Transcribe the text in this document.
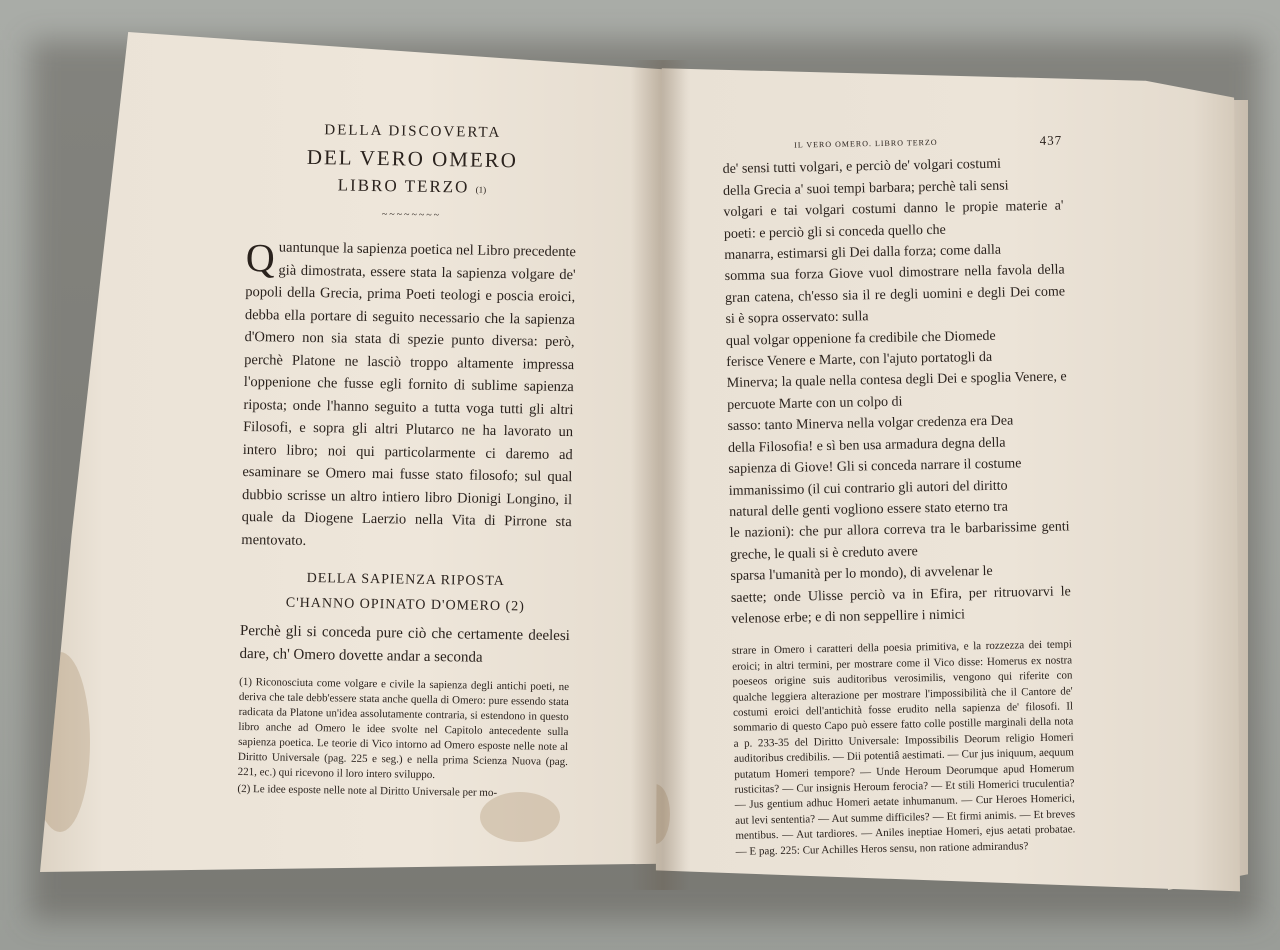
DELLA DISCOVERTA
DEL VERO OMERO
LIBRO TERZO (1)
~~~~~~~~
Q uantunque la sapienza poetica nel Libro precedente già dimostrata, essere stata la sapienza volgare de' popoli della Grecia, prima Poeti teologi e poscia eroici, debba ella portare di seguito necessario che la sapienza d'Omero non sia stata di spezie punto diversa: però, perchè Platone ne lasciò troppo altamente impressa l'oppenione che fusse egli fornito di sublime sapienza riposta; onde l'hanno seguito a tutta voga tutti gli altri Filosofi, e sopra gli altri Plutarco ne ha lavorato un intero libro; noi qui particolarmente ci daremo ad esaminare se Omero mai fusse stato filosofo; sul qual dubbio scrisse un altro intiero libro Dionigi Longino, il quale da Diogene Laerzio nella Vita di Pirrone sta mentovato.
DELLA SAPIENZA RIPOSTA
C'HANNO OPINATO D'OMERO (2)
Perchè gli si conceda pure ciò che certamente deelesi dare, ch' Omero dovette andar a seconda
(1) Riconosciuta come volgare e civile la sapienza degli antichi poeti, ne deriva che tale debb'essere stata anche quella di Omero: pure essendo stata radicata da Platone un'idea assolutamente contraria, si estendono in questo libro anche ad Omero le idee svolte nel Capitolo antecedente sulla sapienza poetica. Le teorie di Vico intorno ad Omero esposte nelle note al Diritto Universale (pag. 225 e seg.) e nella prima Scienza Nuova (pag. 221, ec.) qui ricevono il loro intero sviluppo.
(2) Le idee esposte nelle note al Diritto Universale per mo-
IL VERO OMERO. LIBRO TERZO	437
de' sensi tutti volgari, e perciò de' volgari costumi
della Grecia a' suoi tempi barbara; perchè tali sensi
volgari e tai volgari costumi danno le propie materie a' poeti: e perciò gli si conceda quello che
manarra, estimarsi gli Dei dalla forza; come dalla
somma sua forza Giove vuol dimostrare nella favola della gran catena, ch'esso sia il re degli uomini e degli Dei come si è sopra osservato: sulla
qual volgar oppenione fa credibile che Diomede
ferisce Venere e Marte, con l'ajuto portatogli da
Minerva; la quale nella contesa degli Dei e spoglia Venere, e percuote Marte con un colpo di
sasso: tanto Minerva nella volgar credenza era Dea
della Filosofia! e sì ben usa armadura degna della
sapienza di Giove! Gli si conceda narrare il costume
immanissimo (il cui contrario gli autori del diritto
natural delle genti vogliono essere stato eterno tra
le nazioni): che pur allora correva tra le barbarissime genti greche, le quali si è creduto avere
sparsa l'umanità per lo mondo), di avvelenar le
saette; onde Ulisse perciò va in Efira, per ritruovarvi le velenose erbe; e di non seppellire i nimici
strare in Omero i caratteri della poesia primitiva, e la rozzezza dei tempi eroici; in altri termini, per mostrare come il Vico disse: Homerus ex nostra poeseos origine suis auditoribus verosimilis, vengono qui riferite con qualche leggiera alterazione per mostrare l'impossibilità che il Cantore de' costumi eroici dell'antichità fosse erudito nella sapienza de' filosofi. Il sommario di questo Capo può essere fatto colle postille marginali della nota a p. 233-35 del Diritto Universale: Impossibilis Deorum religio Homeri auditoribus credibilis. — Dii potentiâ aestimati. — Cur jus iniquum, aequum putatum Homeri tempore? — Unde Heroum Deorumque apud Homerum rusticitas? — Cur insignis Heroum ferocia? — Et stili Homerici truculentia? — Jus gentium adhuc Homeri aetate inhumanum. — Cur Heroes Homerici, aut levi sententia? — Aut summe difficiles? — Et firmi animis. — Et breves mentibus. — Aut tardiores. — Aniles ineptiae Homeri, ejus aetati probatae. — E pag. 225: Cur Achilles Heros sensu, non ratione admirandus?
